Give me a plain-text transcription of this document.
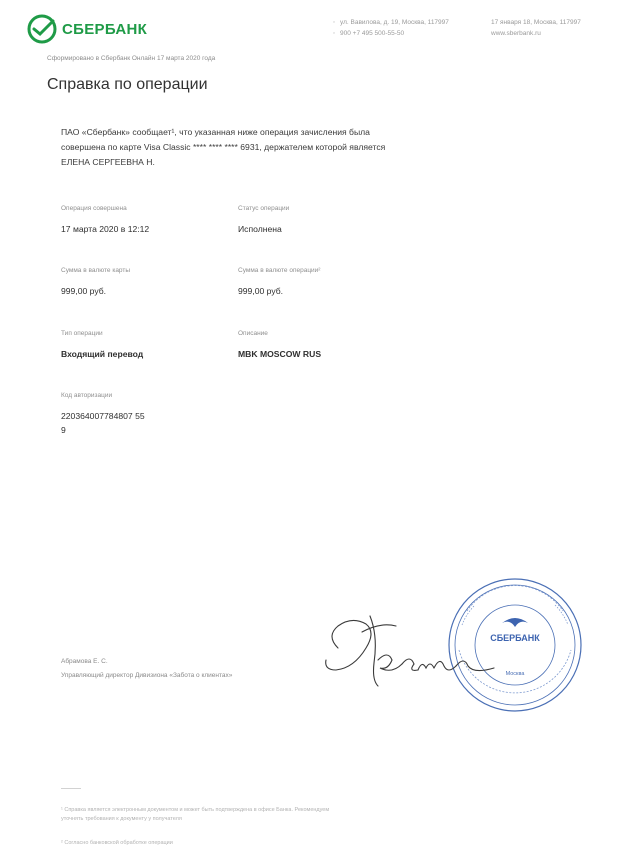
СБЕРБАНК	◦ ул. Вавилова, д. 19, Москва, 117997
◦ 900 +7 495 500-55-50
17 января 18, Москва, 117997
www.sberbank.ru
Сформировано в Сбербанк Онлайн 17 марта 2020 года
Справка по операции
ПАО «Сбербанк» сообщает¹, что указанная ниже операция зачисления была
совершена по карте Visa Classic **** **** **** 6931, держателем которой является
ЕЛЕНА СЕРГЕЕВНА Н.
Операция совершена
17 марта 2020 в 12:12
Статус операции
Исполнена
Сумма в валюте карты
999,00 руб.
Сумма в валюте операции²
999,00 руб.
Тип операции
Входящий перевод
Описание
MBK MOSCOW RUS
Код авторизации
220364007784807 55
9
Абрамова Е. С.
Управляющий директор Дивизиона «Забота о клиентах»
СБЕРБАНК
Москва
¹ Справка является электронным документом и может быть подтверждена в офисе Банка. Рекомендуем
уточнять требования к документу у получателя
² Согласно банковской обработке операции
